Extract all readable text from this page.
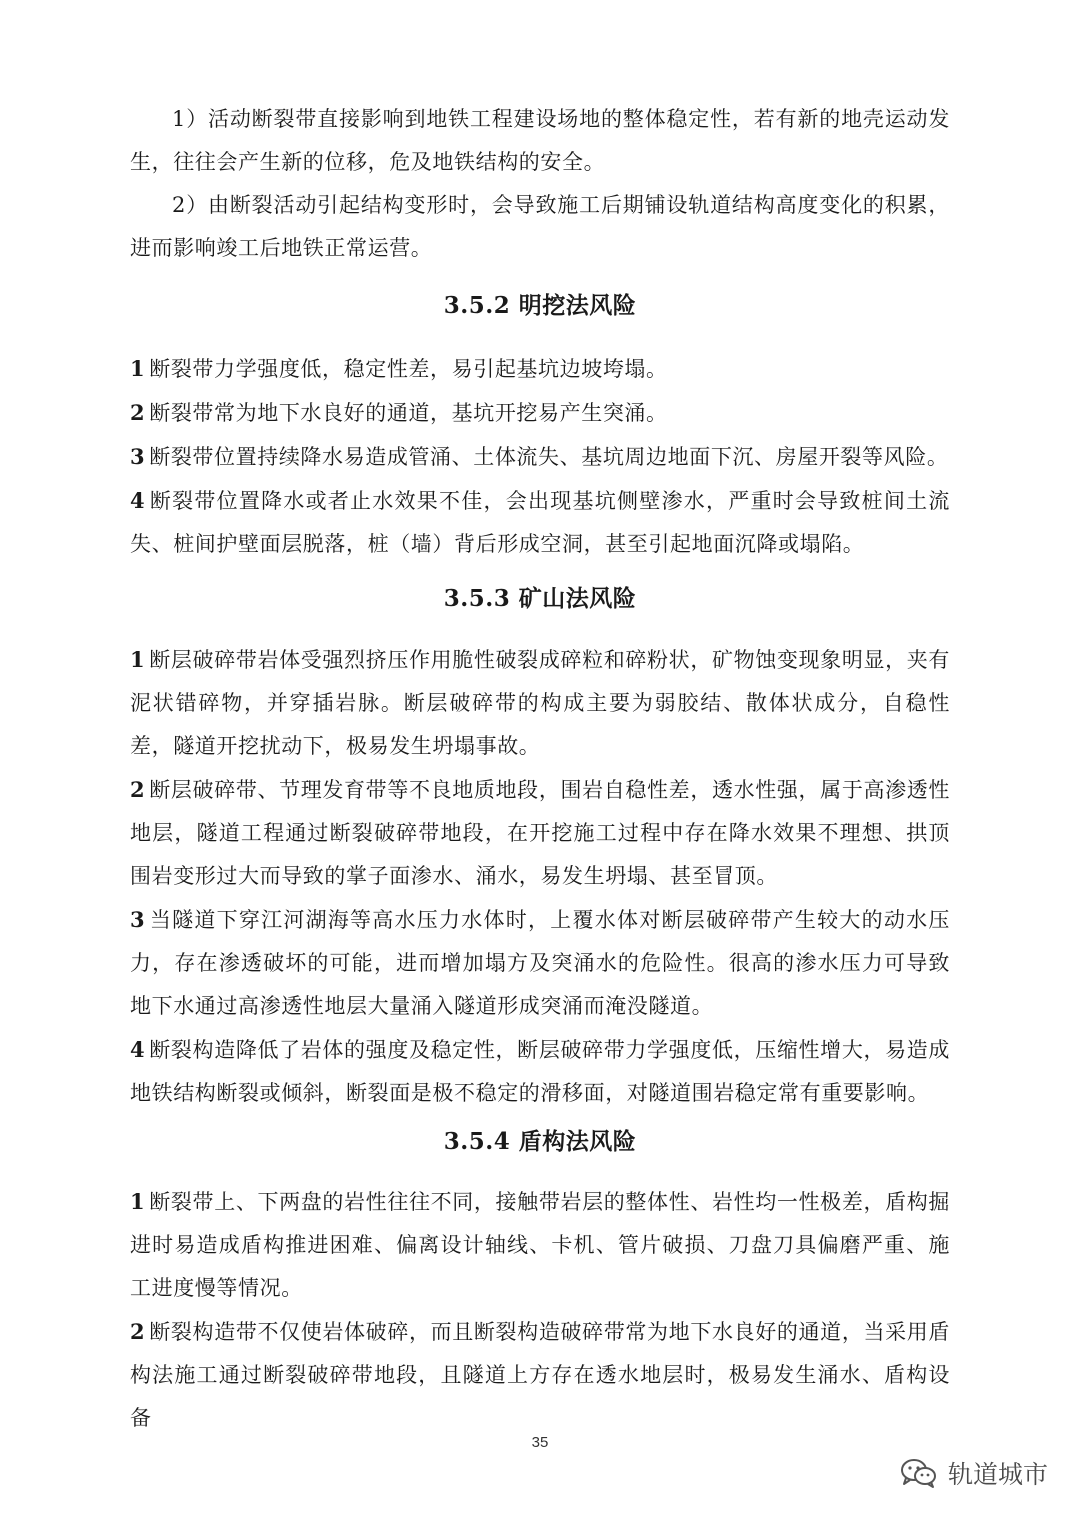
1）活动断裂带直接影响到地铁工程建设场地的整体稳定性，若有新的地壳运动发生，往往会产生新的位移，危及地铁结构的安全。

2）由断裂活动引起结构变形时，会导致施工后期铺设轨道结构高度变化的积累，进而影响竣工后地铁正常运营。

3.5.2 明挖法风险

1 断裂带力学强度低，稳定性差，易引起基坑边坡垮塌。

2 断裂带常为地下水良好的通道，基坑开挖易产生突涌。

3 断裂带位置持续降水易造成管涌、土体流失、基坑周边地面下沉、房屋开裂等风险。

4 断裂带位置降水或者止水效果不佳，会出现基坑侧壁渗水，严重时会导致桩间土流失、桩间护壁面层脱落，桩（墙）背后形成空洞，甚至引起地面沉降或塌陷。

3.5.3 矿山法风险

1 断层破碎带岩体受强烈挤压作用脆性破裂成碎粒和碎粉状，矿物蚀变现象明显，夹有泥状错碎物，并穿插岩脉。断层破碎带的构成主要为弱胶结、散体状成分，自稳性差，隧道开挖扰动下，极易发生坍塌事故。

2 断层破碎带、节理发育带等不良地质地段，围岩自稳性差，透水性强，属于高渗透性地层，隧道工程通过断裂破碎带地段，在开挖施工过程中存在降水效果不理想、拱顶围岩变形过大而导致的掌子面渗水、涌水，易发生坍塌、甚至冒顶。

3 当隧道下穿江河湖海等高水压力水体时，上覆水体对断层破碎带产生较大的动水压力，存在渗透破坏的可能，进而增加塌方及突涌水的危险性。很高的渗水压力可导致地下水通过高渗透性地层大量涌入隧道形成突涌而淹没隧道。

4 断裂构造降低了岩体的强度及稳定性，断层破碎带力学强度低，压缩性增大，易造成地铁结构断裂或倾斜，断裂面是极不稳定的滑移面，对隧道围岩稳定常有重要影响。

3.5.4 盾构法风险

1 断裂带上、下两盘的岩性往往不同，接触带岩层的整体性、岩性均一性极差，盾构掘进时易造成盾构推进困难、偏离设计轴线、卡机、管片破损、刀盘刀具偏磨严重、施工进度慢等情况。

2 断裂构造带不仅使岩体破碎，而且断裂构造破碎带常为地下水良好的通道，当采用盾构法施工通过断裂破碎带地段，且隧道上方存在透水地层时，极易发生涌水、盾构设备

35
轨道城市
